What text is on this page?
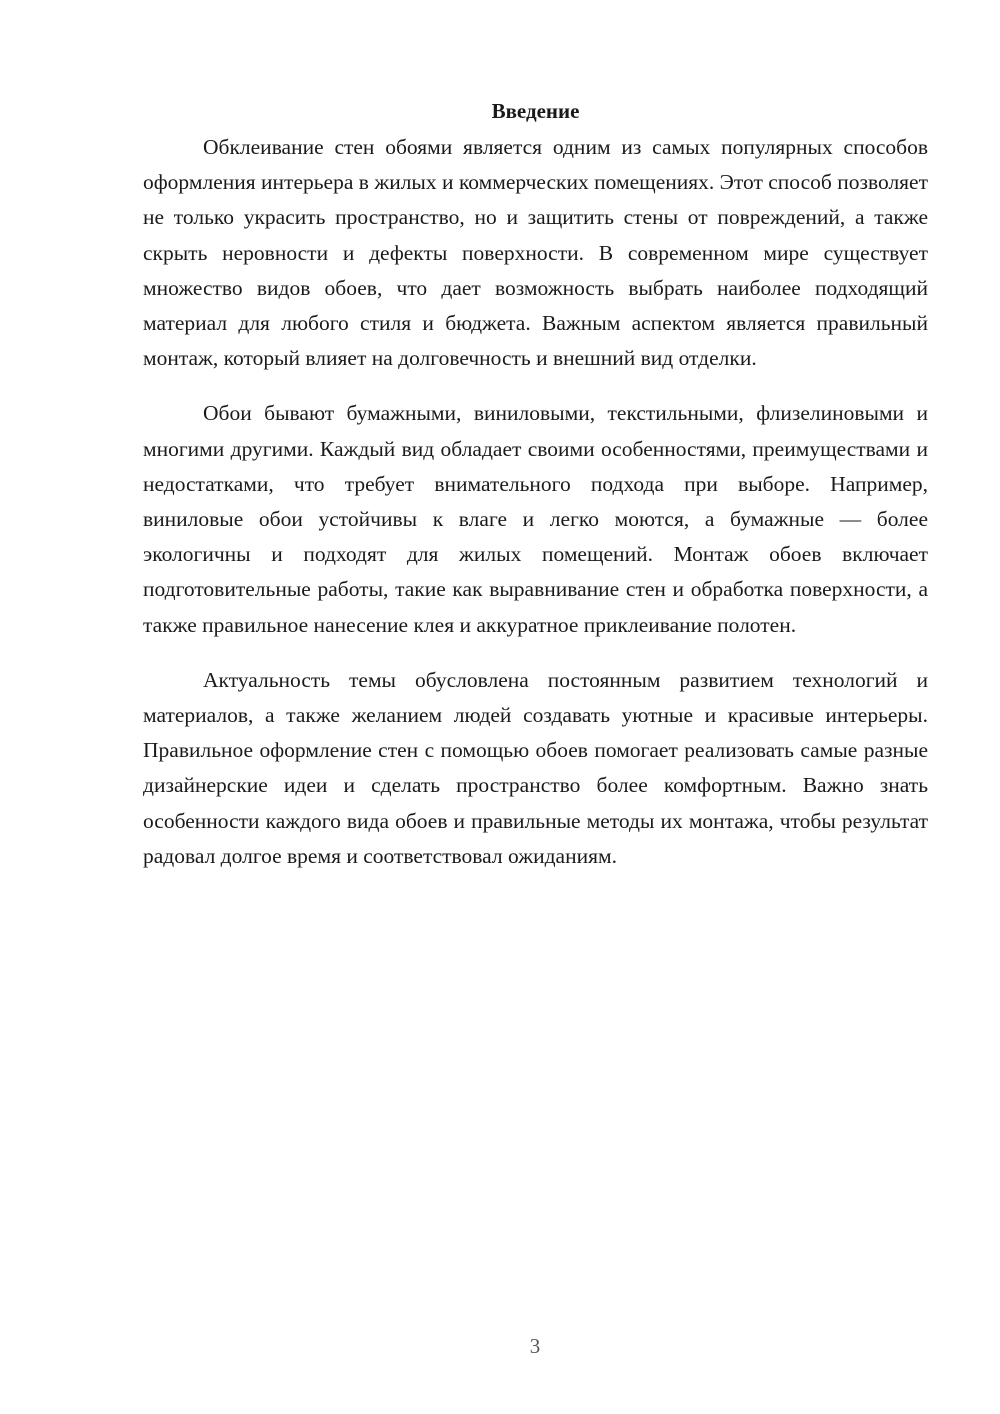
Введение

Обклеивание стен обоями является одним из самых популярных способов оформления интерьера в жилых и коммерческих помещениях. Этот способ позволяет не только украсить пространство, но и защитить стены от повреждений, а также скрыть неровности и дефекты поверхности. В современном мире существует множество видов обоев, что дает возможность выбрать наиболее подходящий материал для любого стиля и бюджета. Важным аспектом является правильный монтаж, который влияет на долговечность и внешний вид отделки.

Обои бывают бумажными, виниловыми, текстильными, флизелиновыми и многими другими. Каждый вид обладает своими особенностями, преимуществами и недостатками, что требует внимательного подхода при выборе. Например, виниловые обои устойчивы к влаге и легко моются, а бумажные — более экологичны и подходят для жилых помещений. Монтаж обоев включает подготовительные работы, такие как выравнивание стен и обработка поверхности, а также правильное нанесение клея и аккуратное приклеивание полотен.

Актуальность темы обусловлена постоянным развитием технологий и материалов, а также желанием людей создавать уютные и красивые интерьеры. Правильное оформление стен с помощью обоев помогает реализовать самые разные дизайнерские идеи и сделать пространство более комфортным. Важно знать особенности каждого вида обоев и правильные методы их монтажа, чтобы результат радовал долгое время и соответствовал ожиданиям.

3
